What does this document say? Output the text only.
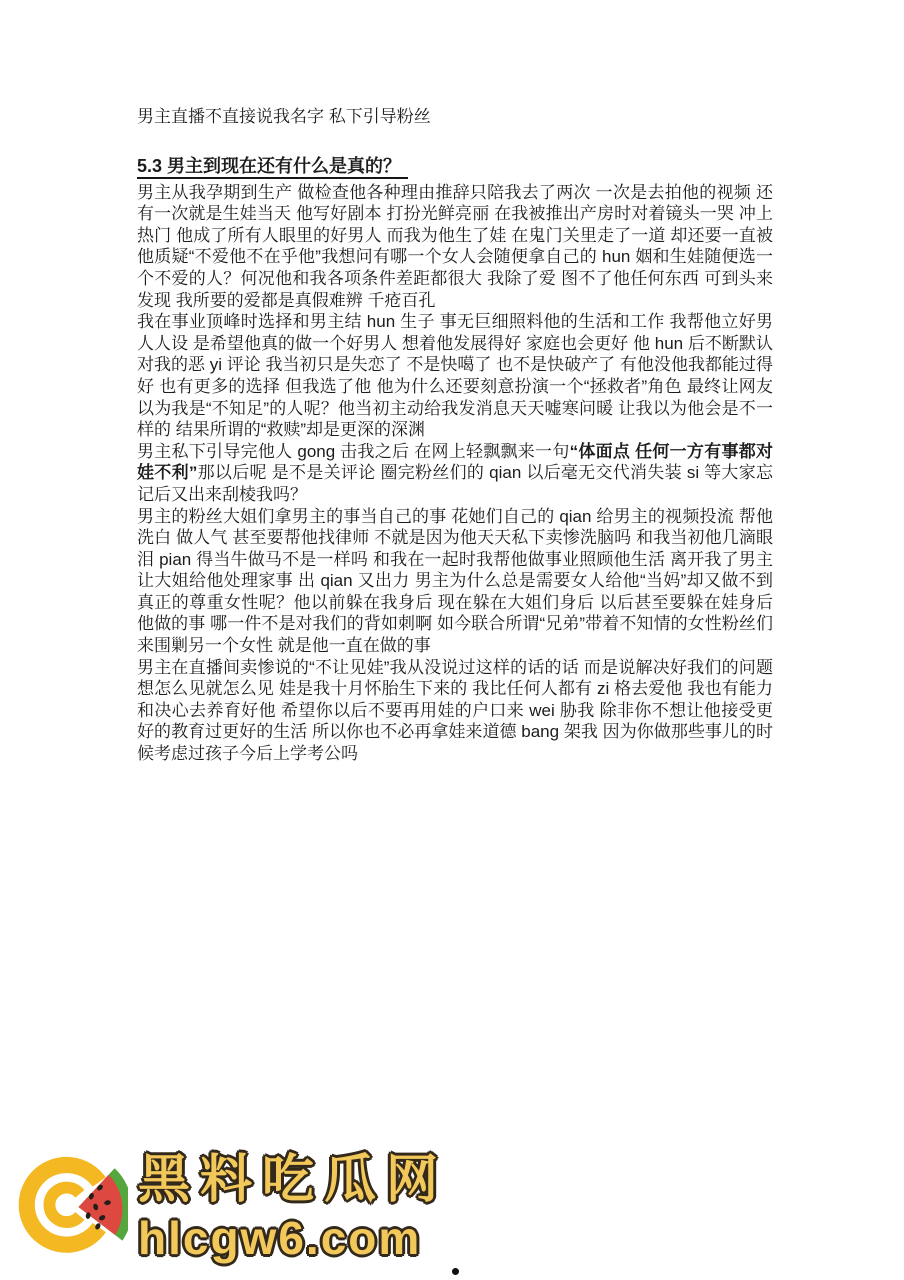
男主直播不直接说我名字 私下引导粉丝

5.3 男主到现在还有什么是真的？

男主从我孕期到生产 做检查他各种理由推辞只陪我去了两次 一次是去拍他的视频 还有一次就是生娃当天 他写好剧本 打扮光鲜亮丽 在我被推出产房时对着镜头一哭 冲上热门 他成了所有人眼里的好男人 而我为他生了娃 在鬼门关里走了一道 却还要一直被他质疑“不爱他不在乎他”我想问有哪一个女人会随便拿自己的 hun 姻和生娃随便选一个不爱的人？何况他和我各项条件差距都很大 我除了爱 图不了他任何东西 可到头来发现 我所要的爱都是真假难辨 千疮百孔

我在事业顶峰时选择和男主结 hun 生子 事无巨细照料他的生活和工作 我帮他立好男人人设 是希望他真的做一个好男人 想着他发展得好 家庭也会更好 他 hun 后不断默认对我的恶 yi 评论 我当初只是失恋了 不是快噶了 也不是快破产了 有他没他我都能过得好 也有更多的选择 但我选了他 他为什么还要刻意扮演一个“拯救者”角色 最终让网友以为我是“不知足”的人呢？他当初主动给我发消息天天嘘寒问暖 让我以为他会是不一样的 结果所谓的“救赎”却是更深的深渊

男主私下引导完他人 gong 击我之后 在网上轻飘飘来一句“体面点 任何一方有事都对娃不利”那以后呢 是不是关评论 圈完粉丝们的 qian 以后毫无交代消失装 si 等大家忘记后又出来刮棱我吗？

男主的粉丝大姐们拿男主的事当自己的事 花她们自己的 qian 给男主的视频投流 帮他洗白 做人气 甚至要帮他找律师 不就是因为他天天私下卖惨洗脑吗 和我当初他几滴眼泪 pian 得当牛做马不是一样吗 和我在一起时我帮他做事业照顾他生活 离开我了男主让大姐给他处理家事 出 qian 又出力 男主为什么总是需要女人给他“当妈”却又做不到真正的尊重女性呢？他以前躲在我身后 现在躲在大姐们身后 以后甚至要躲在娃身后 他做的事 哪一件不是对我们的背如刺啊 如今联合所谓“兄弟”带着不知情的女性粉丝们来围剿另一个女性 就是他一直在做的事

男主在直播间卖惨说的“不让见娃”我从没说过这样的话的话 而是说解决好我们的问题想怎么见就怎么见 娃是我十月怀胎生下来的 我比任何人都有 zi 格去爱他 我也有能力和决心去养育好他 希望你以后不要再用娃的户口来 wei 胁我 除非你不想让他接受更好的教育过更好的生活 所以你也不必再拿娃来道德 bang 架我 因为你做那些事儿的时候考虑过孩子今后上学考公吗

黑料吃瓜网
hlcgw6.com
